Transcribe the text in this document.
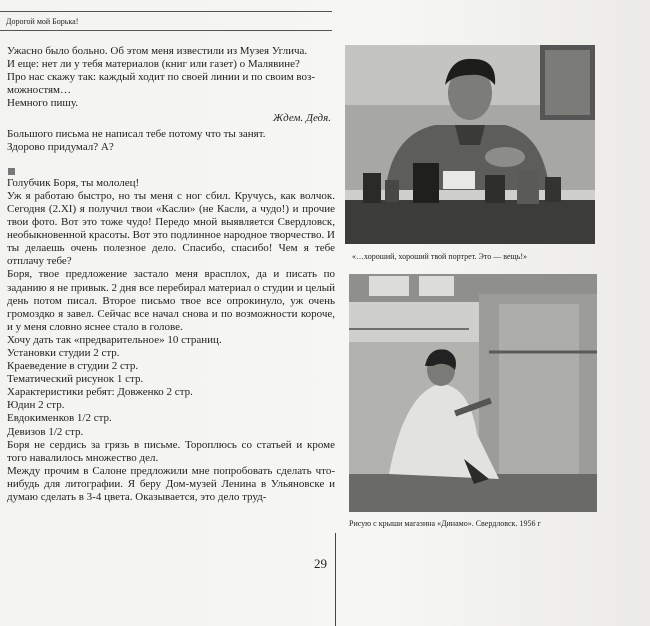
Дорогой мой Борька!

Ужасно было больно. Об этом меня известили из Музея Углича.

И еще: нет ли у тебя материалов (книг или газет) о Малявине?

Про нас скажу так: каждый ходит по своей линии и по своим воз-

можностям…

Немного пишу.

Ждем. Дедя.

Большого письма не написал тебе потому что ты занят.

Здорово придумал? А?

Голубчик Боря, ты мололец!

Уж я работаю быстро, но ты меня с ног сбил. Кручусь, как волчок. Сегодня (2.XI) я получил твои «Касли» (не Касли, а чудо!) и прочие твои фото. Вот это тоже чудо! Передо мной выявляется Свердловск, необыкновенной красоты. Вот это подлинное народное творчество. И ты делаешь очень полезное дело. Спасибо, спасибо! Чем я тебе отплачу тебе?

Боря, твое предложение застало меня врасплох, да и писать по заданию я не привык. 2 дня все перебирал материал о студии и целый день потом писал. Второе письмо твое все опрокинуло, уж очень громоздко я завел. Сейчас все начал снова и по возможности короче, и у меня словно яснее стало в голове.

Хочу дать так «предварительное» 10 страниц.

Установки студии 2 стр.

Краеведение в студии 2 стр.

Тематический рисунок 1 стр.

Характеристики ребят: Довженко 2 стр.

Юдин 2 стр.

Евдокименков 1/2 стр.

Девизов 1/2 стр.

Боря не сердись за грязь в письме. Тороплюсь со статьей и кроме того навалилось множество дел.

Между прочим в Салоне предложили мне попробовать сделать что-нибудь для литографии. Я беру Дом-музей Ленина в Ульяновске и думаю сделать в 3-4 цвета. Оказывается, это дело труд-

«…хороший, хороший твой портрет. Это — вещь!»
Рисую с крыши магазина «Динамо». Свердловск. 1956 г
29
